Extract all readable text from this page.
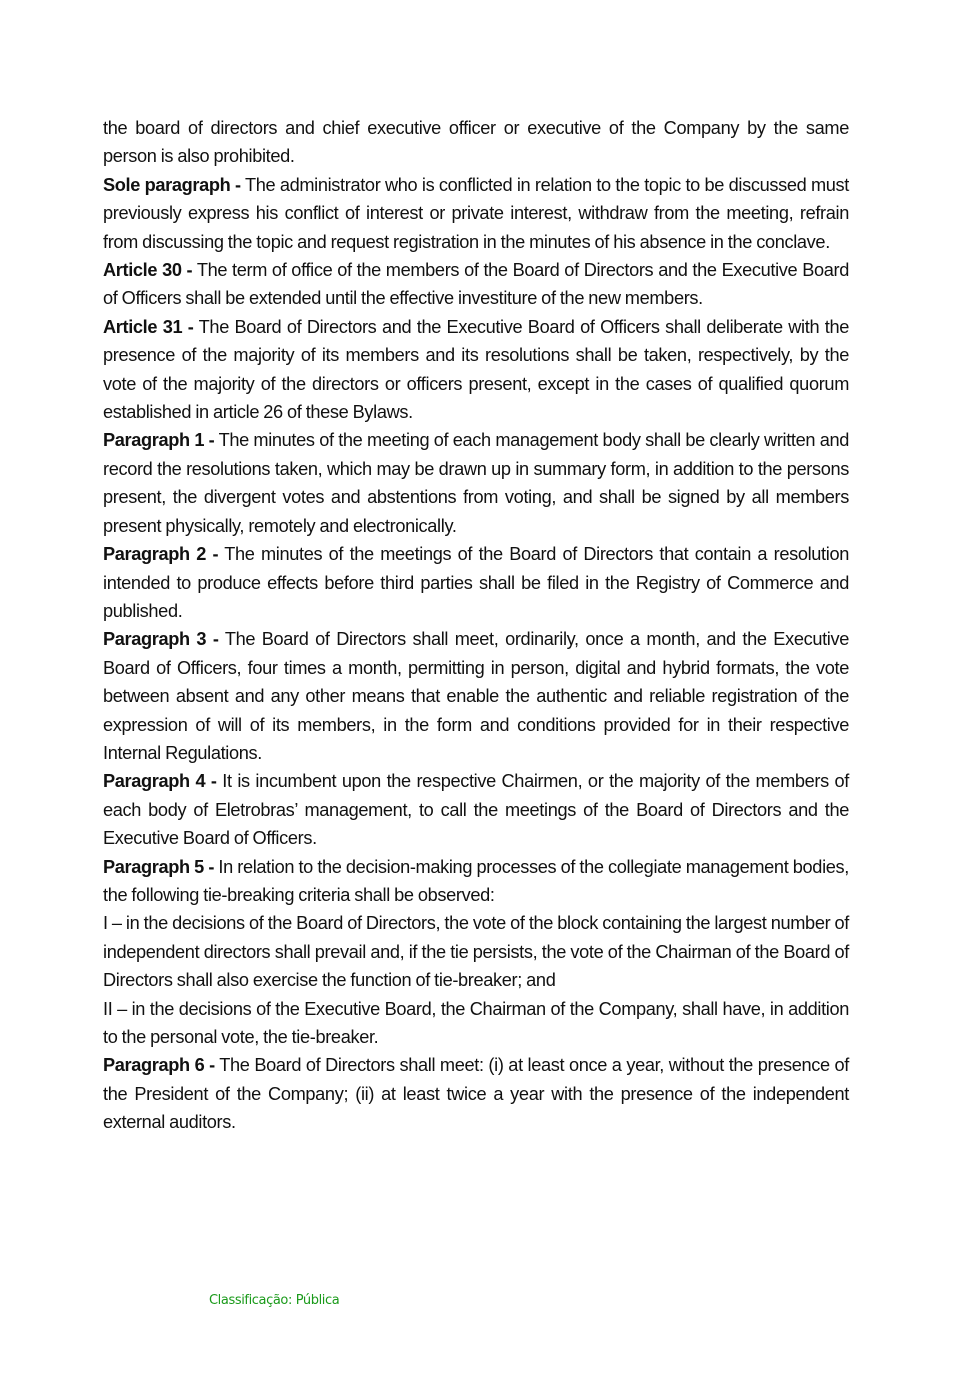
the board of directors and chief executive officer or executive of the Company by the same person is also prohibited.

Sole paragraph - The administrator who is conflicted in relation to the topic to be discussed must previously express his conflict of interest or private interest, withdraw from the meeting, refrain from discussing the topic and request registration in the minutes of his absence in the conclave.

Article 30 - The term of office of the members of the Board of Directors and the Executive Board of Officers shall be extended until the effective investiture of the new members.

Article 31 - The Board of Directors and the Executive Board of Officers shall deliberate with the presence of the majority of its members and its resolutions shall be taken, respectively, by the vote of the majority of the directors or officers present, except in the cases of qualified quorum established in article 26 of these Bylaws.

Paragraph 1 - The minutes of the meeting of each management body shall be clearly written and record the resolutions taken, which may be drawn up in summary form, in addition to the persons present, the divergent votes and abstentions from voting, and shall be signed by all members present physically, remotely and electronically.

Paragraph 2 - The minutes of the meetings of the Board of Directors that contain a resolution intended to produce effects before third parties shall be filed in the Registry of Commerce and published.

Paragraph 3 - The Board of Directors shall meet, ordinarily, once a month, and the Executive Board of Officers, four times a month, permitting in person, digital and hybrid formats, the vote between absent and any other means that enable the authentic and reliable registration of the expression of will of its members, in the form and conditions provided for in their respective Internal Regulations.

Paragraph 4 - It is incumbent upon the respective Chairmen, or the majority of the members of each body of Eletrobras’ management, to call the meetings of the Board of Directors and the Executive Board of Officers.

Paragraph 5 - In relation to the decision-making processes of the collegiate management bodies, the following tie-breaking criteria shall be observed:

I – in the decisions of the Board of Directors, the vote of the block containing the largest number of independent directors shall prevail and, if the tie persists, the vote of the Chairman of the Board of Directors shall also exercise the function of tie-breaker; and

II – in the decisions of the Executive Board, the Chairman of the Company, shall have, in addition to the personal vote, the tie-breaker.

Paragraph 6 - The Board of Directors shall meet: (i) at least once a year, without the presence of the President of the Company; (ii) at least twice a year with the presence of the independent external auditors.

Classificação: Pública
